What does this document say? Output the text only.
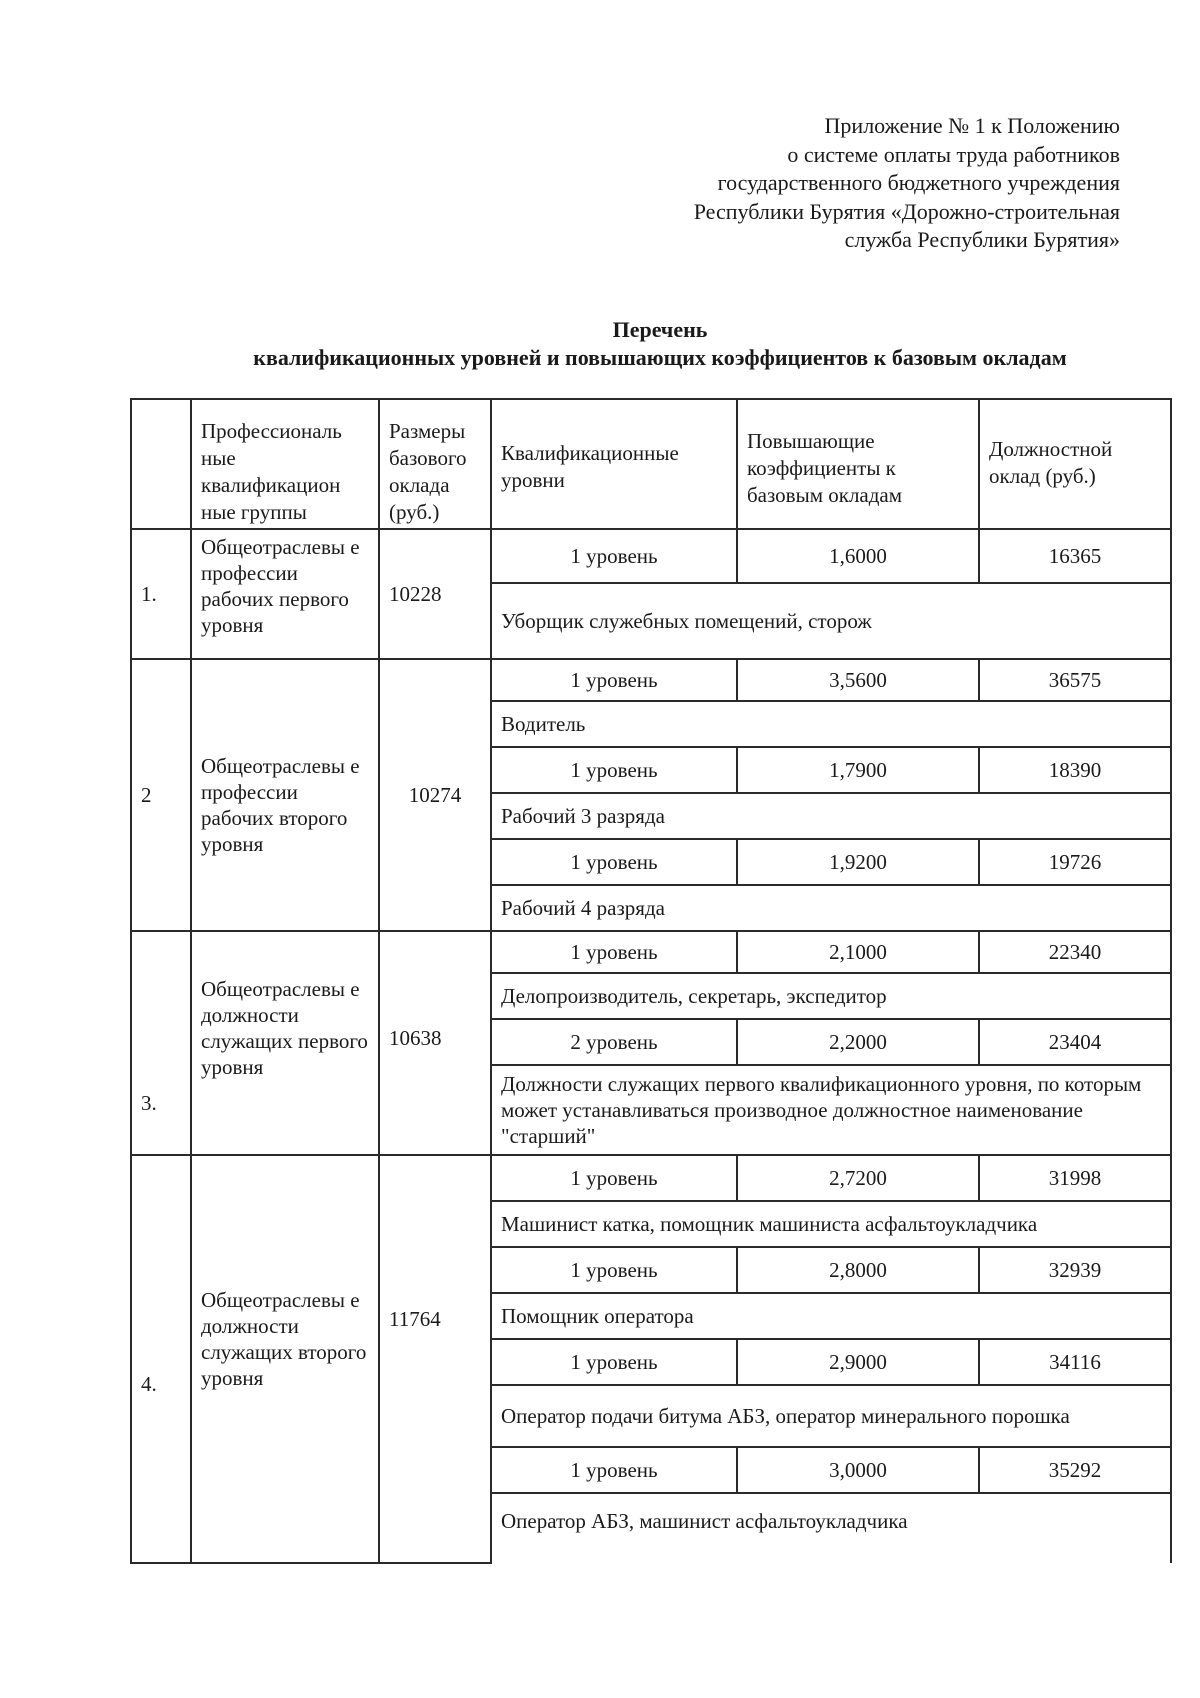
Приложение № 1 к Положению
о системе оплаты труда работников
государственного бюджетного учреждения
Республики Бурятия «Дорожно-строительная
служба Республики Бурятия»
Перечень
квалификационных уровней и повышающих коэффициентов к базовым окладам
	Профессиональ ные квалификацион ные группы	Размеры базового оклада (руб.)	Квалификационные уровни	Повышающие коэффициенты к базовым окладам	Должностной оклад (руб.)
1.	Общеотраслевы е профессии рабочих первого уровня	10228	1 уровень	1,6000	16365
			Уборщик служебных помещений, сторож		
2	Общеотраслевы е профессии рабочих второго уровня	10274	1 уровень	3,5600	36575
			Водитель		
			1 уровень	1,7900	18390
			Рабочий 3 разряда		
			1 уровень	1,9200	19726
			Рабочий 4 разряда		
3.	Общеотраслевы е должности служащих первого уровня	10638	1 уровень	2,1000	22340
			Делопроизводитель, секретарь, экспедитор		
			2 уровень	2,2000	23404
			Должности служащих первого квалификационного уровня, по которым может устанавливаться производное должностное наименование "старший"		
4.	Общеотраслевы е должности служащих второго уровня	11764	1 уровень	2,7200	31998
			Машинист катка, помощник машиниста асфальтоукладчика		
			1 уровень	2,8000	32939
			Помощник оператора		
			1 уровень	2,9000	34116
			Оператор подачи битума АБЗ, оператор минерального порошка		
			1 уровень	3,0000	35292
			Оператор АБЗ, машинист асфальтоукладчика		
